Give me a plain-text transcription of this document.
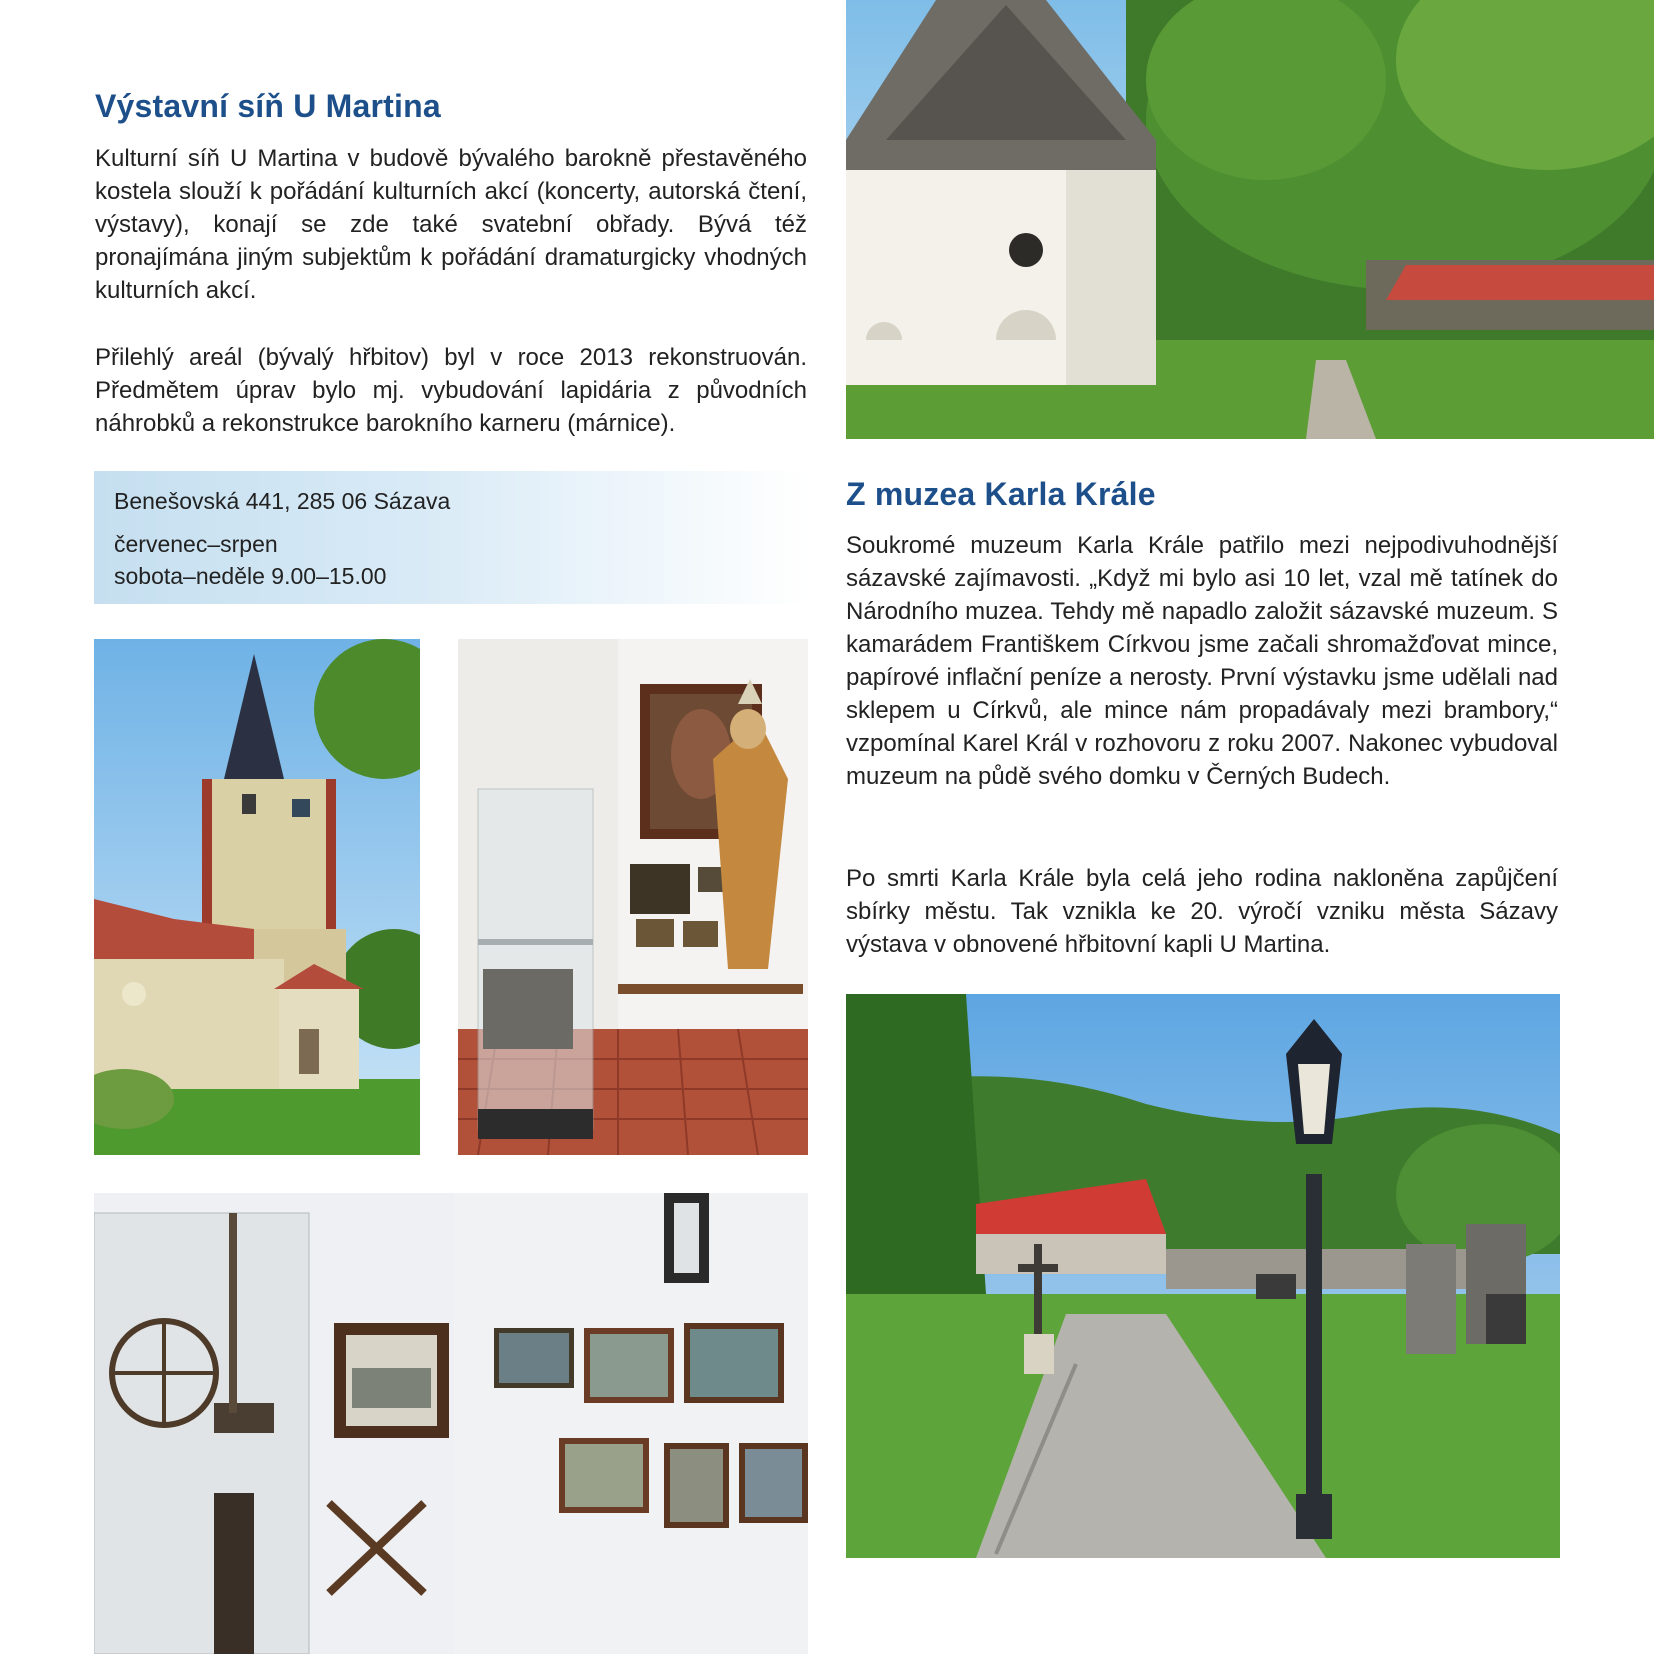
Výstavní síň U Martina

Kulturní síň U Martina v budově bývalého barokně přestavěného kostela slouží k pořádání kulturních akcí (koncerty, autorská čtení, výstavy), konají se zde také svatební obřady. Bývá též pronajímána jiným subjektům k pořádání dramaturgicky vhodných kulturních akcí.

Přilehlý areál (bývalý hřbitov) byl v roce 2013 rekonstruován. Předmětem úprav bylo mj. vybudování lapidária z původních náhrobků a rekonstrukce barokního karneru (márnice).

Benešovská 441, 285 06 Sázava
červenec–srpen
sobota–neděle 9.00–15.00
Z muzea Karla Krále

Soukromé muzeum Karla Krále patřilo mezi nejpodivuhodnější sázavské zajímavosti. „Když mi bylo asi 10 let, vzal mě tatínek do Národního muzea. Tehdy mě napadlo založit sázavské muzeum. S kamarádem Františkem Církvou jsme začali shromažďovat mince, papírové inflační peníze a nerosty. První výstavku jsme udělali nad sklepem u Církvů, ale mince nám propadávaly mezi brambory,“ vzpomínal Karel Král v rozhovoru z roku 2007. Nakonec vybudoval muzeum na půdě svého domku v Černých Budech.

Po smrti Karla Krále byla celá jeho rodina nakloněna zapůjčení sbírky městu. Tak vznikla ke 20. výročí vzniku města Sázavy výstava v obnovené hřbitovní kapli U Martina.
